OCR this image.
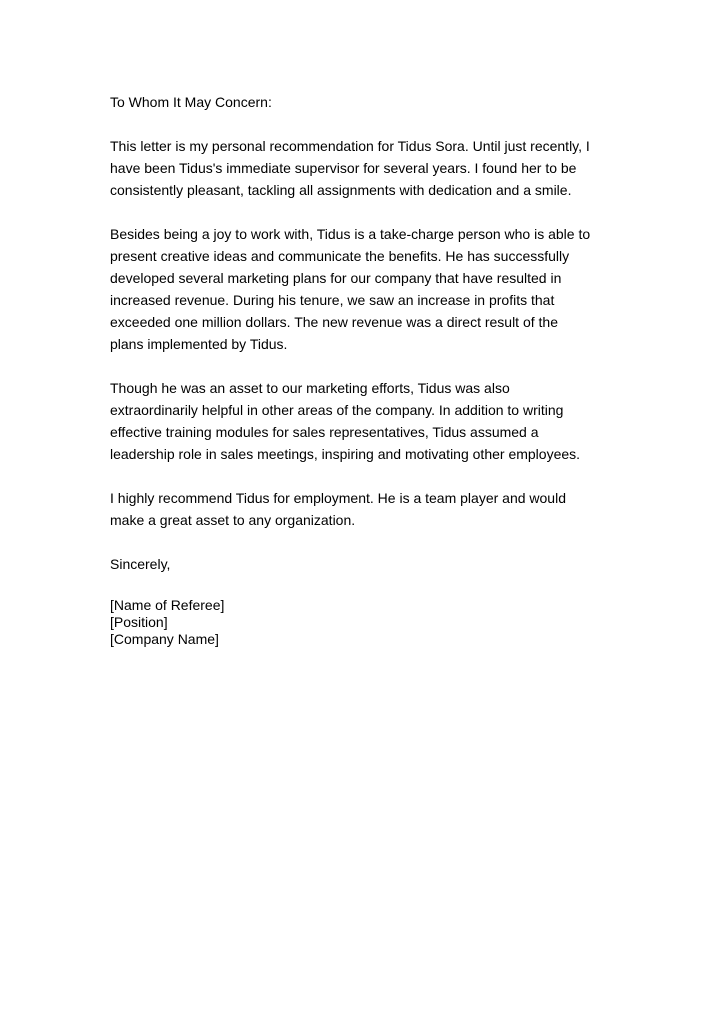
To Whom It May Concern:
This letter is my personal recommendation for Tidus Sora. Until just recently, I
have been Tidus's immediate supervisor for several years. I found her to be
consistently pleasant, tackling all assignments with dedication and a smile.
Besides being a joy to work with, Tidus is a take-charge person who is able to
present creative ideas and communicate the benefits. He has successfully
developed several marketing plans for our company that have resulted in
increased revenue. During his tenure, we saw an increase in profits that
exceeded one million dollars. The new revenue was a direct result of the
plans implemented by Tidus.
Though he was an asset to our marketing efforts, Tidus was also
extraordinarily helpful in other areas of the company. In addition to writing
effective training modules for sales representatives, Tidus assumed a
leadership role in sales meetings, inspiring and motivating other employees.
I highly recommend Tidus for employment. He is a team player and would
make a great asset to any organization.
Sincerely,
[Name of Referee]
[Position]
[Company Name]
